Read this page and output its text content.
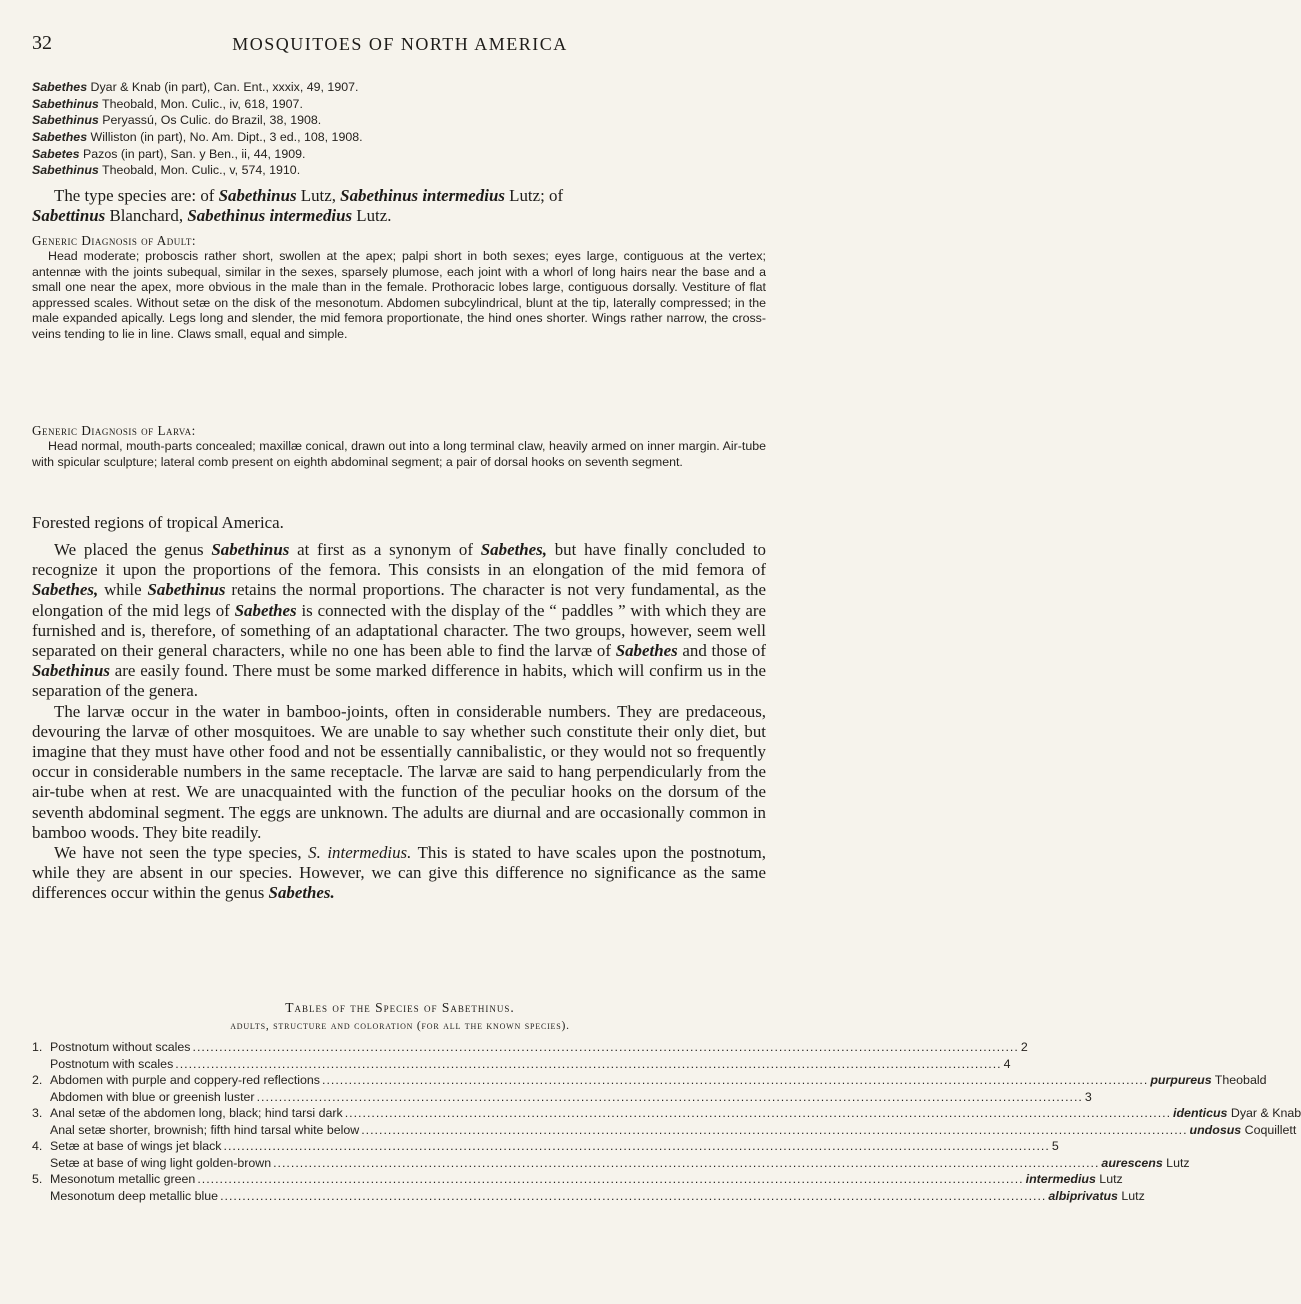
32	MOSQUITOES OF NORTH AMERICA
Sabethes Dyar & Knab (in part), Can. Ent., xxxix, 49, 1907.
Sabethinus Theobald, Mon. Culic., iv, 618, 1907.
Sabethinus Peryassú, Os Culic. do Brazil, 38, 1908.
Sabethes Williston (in part), No. Am. Dipt., 3 ed., 108, 1908.
Sabetes Pazos (in part), San. y Ben., ii, 44, 1909.
Sabethinus Theobald, Mon. Culic., v, 574, 1910.

The type species are: of Sabethinus Lutz, Sabethinus intermedius Lutz; of
Sabettinus Blanchard, Sabethinus intermedius Lutz.

Generic Diagnosis of Adult:
Head moderate; proboscis rather short, swollen at the apex; palpi short in both sexes; eyes large, contiguous at the vertex; antennæ with the joints subequal, similar in the sexes, sparsely plumose, each joint with a whorl of long hairs near the base and a small one near the apex, more obvious in the male than in the female. Prothoracic lobes large, contiguous dorsally. Vestiture of flat appressed scales. Without setæ on the disk of the mesonotum. Abdomen subcylindrical, blunt at the tip, laterally compressed; in the male expanded apically. Legs long and slender, the mid femora proportionate, the hind ones shorter. Wings rather narrow, the cross-veins tending to lie in line. Claws small, equal and simple.
Generic Diagnosis of Larva:
Head normal, mouth-parts concealed; maxillæ conical, drawn out into a long terminal claw, heavily armed on inner margin. Air-tube with spicular sculpture; lateral comb present on eighth abdominal segment; a pair of dorsal hooks on seventh segment.

Forested regions of tropical America.

We placed the genus Sabethinus at first as a synonym of Sabethes, but have finally concluded to recognize it upon the proportions of the femora. This consists in an elongation of the mid femora of Sabethes, while Sabethinus retains the normal proportions. The character is not very fundamental, as the elongation of the mid legs of Sabethes is connected with the display of the “ paddles ” with which they are furnished and is, therefore, of something of an adaptational character. The two groups, however, seem well separated on their general characters, while no one has been able to find the larvæ of Sabethes and those of Sabethinus are easily found. There must be some marked difference in habits, which will confirm us in the separation of the genera.

The larvæ occur in the water in bamboo-joints, often in considerable numbers. They are predaceous, devouring the larvæ of other mosquitoes. We are unable to say whether such constitute their only diet, but imagine that they must have other food and not be essentially cannibalistic, or they would not so frequently occur in considerable numbers in the same receptacle. The larvæ are said to hang perpendicularly from the air-tube when at rest. We are unacquainted with the function of the peculiar hooks on the dorsum of the seventh abdominal segment. The eggs are unknown. The adults are diurnal and are occasionally common in bamboo woods. They bite readily.

We have not seen the type species, S. intermedius. This is stated to have scales upon the postnotum, while they are absent in our species. However, we can give this difference no significance as the same differences occur within the genus Sabethes.

Tables of the Species of Sabethinus.
adults, structure and coloration (for all the known species).
1. Postnotum without scales .......................................................................................................................................................................................... 2
Postnotum with scales .......................................................................................................................................................................................... 4
2. Abdomen with purple and coppery-red reflections .......................................................................................................................................................................................... purpureus Theobald
Abdomen with blue or greenish luster .......................................................................................................................................................................................... 3
3. Anal setæ of the abdomen long, black; hind tarsi dark .......................................................................................................................................................................................... identicus Dyar & Knab
Anal setæ shorter, brownish; fifth hind tarsal white below .......................................................................................................................................................................................... undosus Coquillett
4. Setæ at base of wings jet black .......................................................................................................................................................................................... 5
Setæ at base of wing light golden-brown .......................................................................................................................................................................................... aurescens Lutz
5. Mesonotum metallic green .......................................................................................................................................................................................... intermedius Lutz
Mesonotum deep metallic blue .......................................................................................................................................................................................... albiprivatus Lutz
